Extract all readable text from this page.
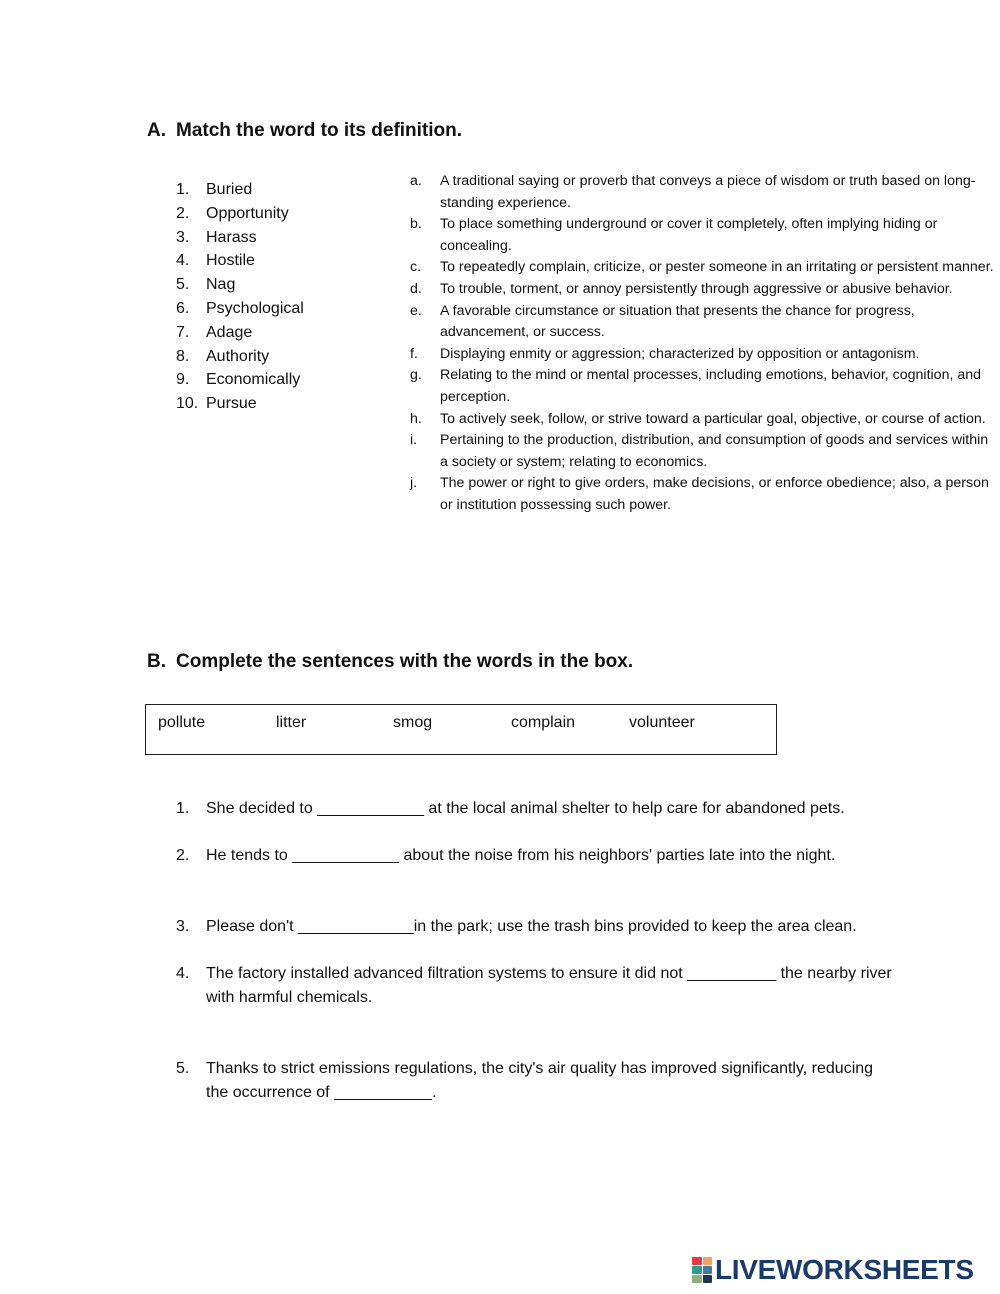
A. Match the word to its definition.
1. Buried
2. Opportunity
3. Harass
4. Hostile
5. Nag
6. Psychological
7. Adage
8. Authority
9. Economically
10. Pursue
a.	A traditional saying or proverb that conveys a piece of wisdom or truth based on long-standing experience.
b.	To place something underground or cover it completely, often implying hiding or concealing.
c.	To repeatedly complain, criticize, or pester someone in an irritating or persistent manner.
d.	To trouble, torment, or annoy persistently through aggressive or abusive behavior.
e.	A favorable circumstance or situation that presents the chance for progress, advancement, or success.
f.	Displaying enmity or aggression; characterized by opposition or antagonism.
g.	Relating to the mind or mental processes, including emotions, behavior, cognition, and perception.
h.	To actively seek, follow, or strive toward a particular goal, objective, or course of action.
i.	Pertaining to the production, distribution, and consumption of goods and services within a society or system; relating to economics.
j.	The power or right to give orders, make decisions, or enforce obedience; also, a person or institution possessing such power.
B. Complete the sentences with the words in the box.
pollute	litter	smog	complain	volunteer
1.	She decided to ____________ at the local animal shelter to help care for abandoned pets.
2.	He tends to ____________ about the noise from his neighbors' parties late into the night.
3.	Please don't _____________in the park; use the trash bins provided to keep the area clean.
4.	The factory installed advanced filtration systems to ensure it did not __________ the nearby river with harmful chemicals.
5.	Thanks to strict emissions regulations, the city's air quality has improved significantly, reducing the occurrence of ___________.
LIVEWORKSHEETS
